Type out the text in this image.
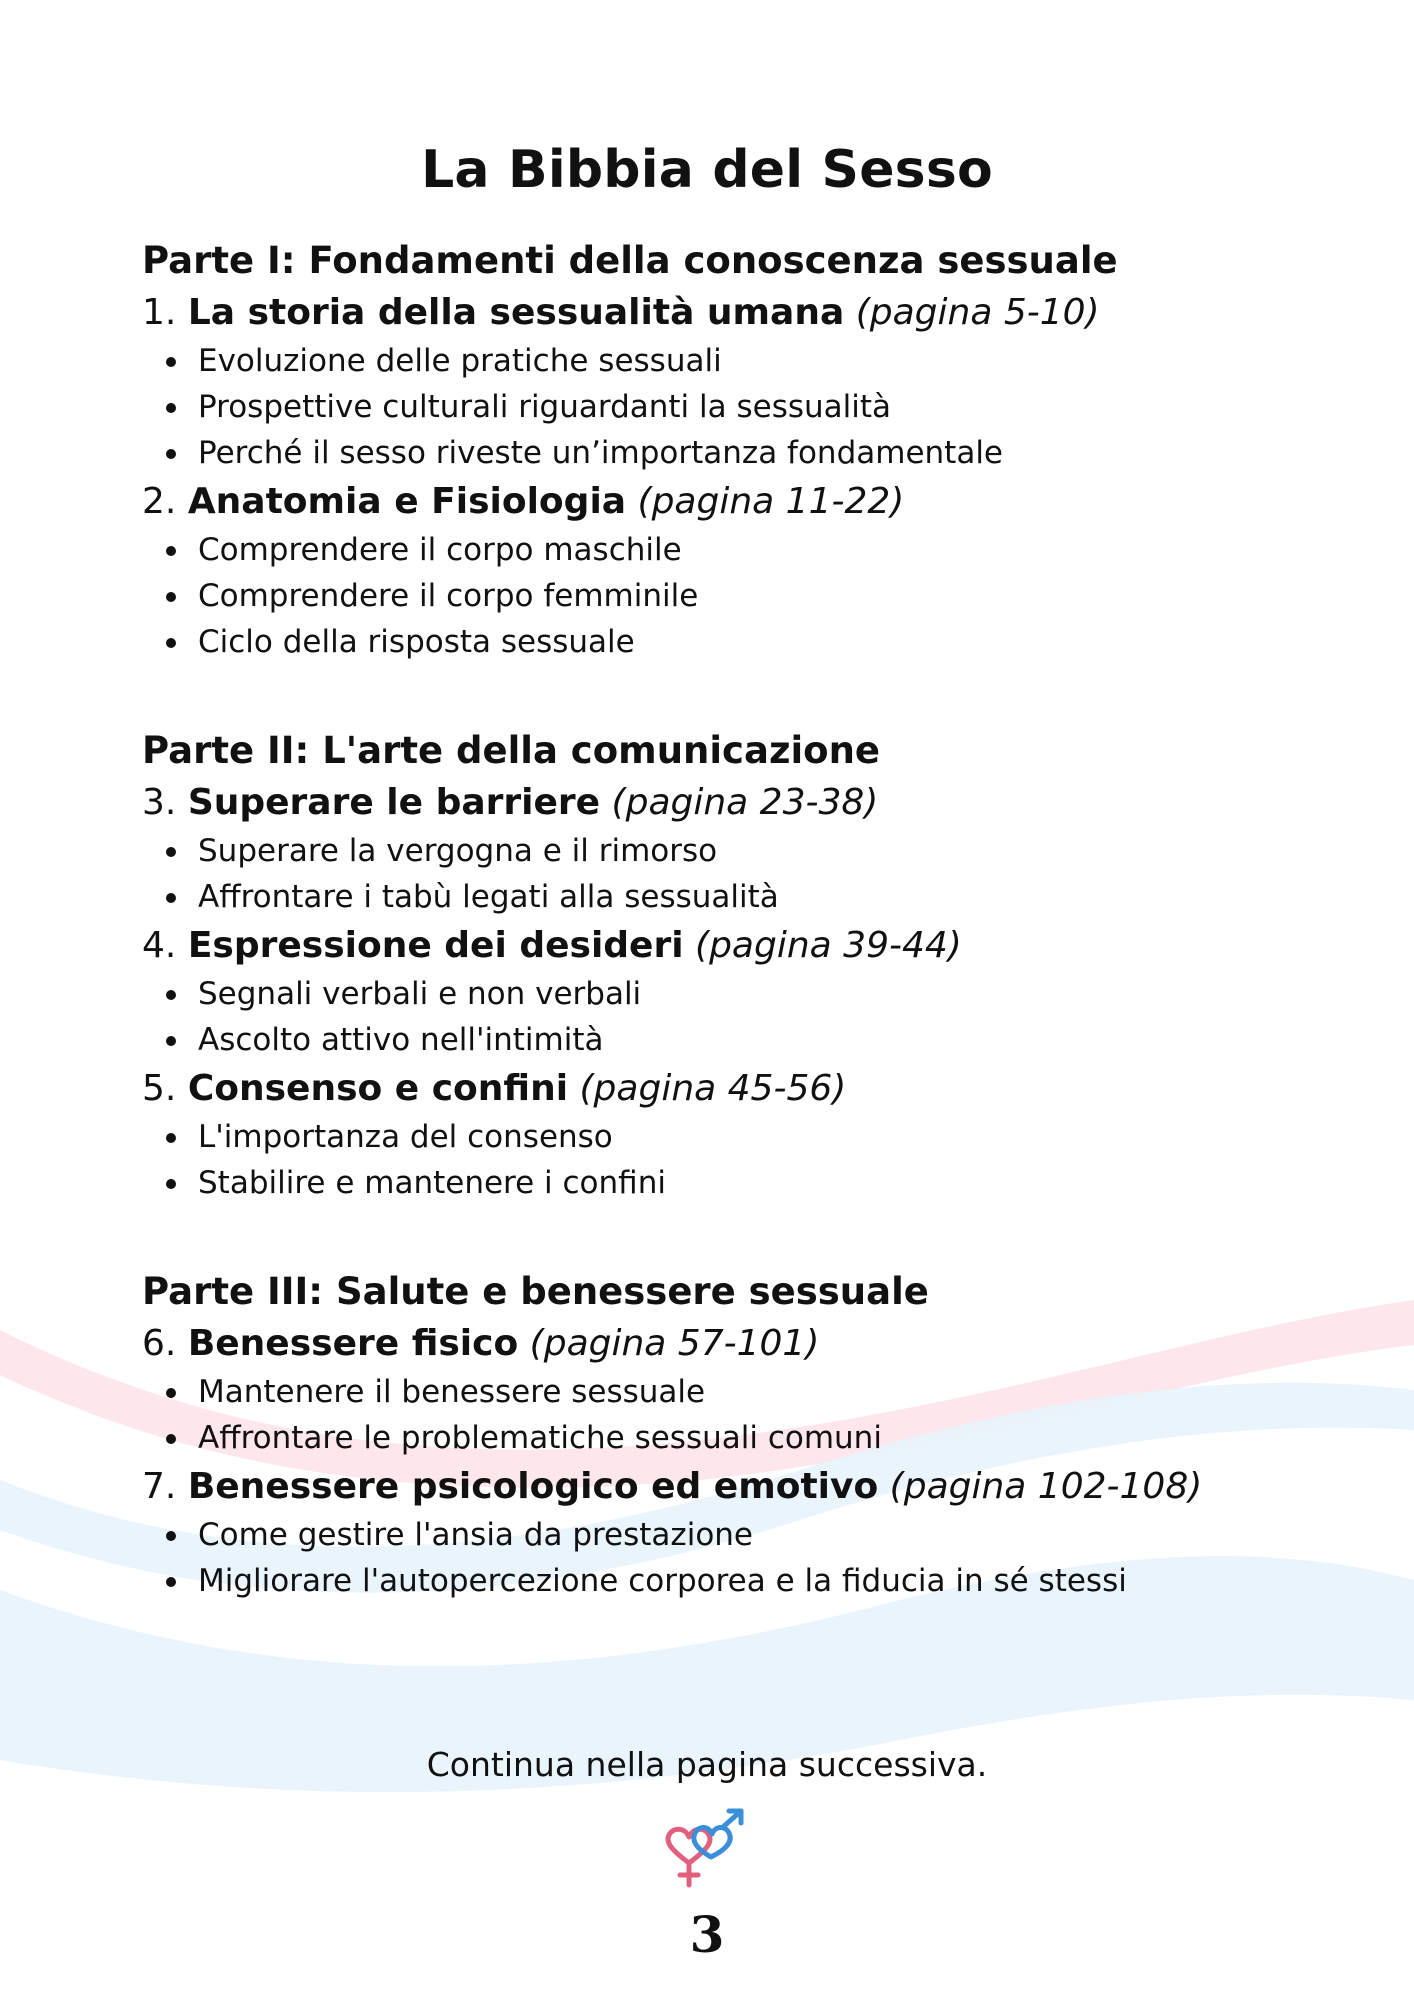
La Bibbia del Sesso

Parte I: Fondamenti della conoscenza sessuale

1. La storia della sessualità umana (pagina 5-10)

Evoluzione delle pratiche sessuali
Prospettive culturali riguardanti la sessualità
Perché il sesso riveste un’importanza fondamentale

2. Anatomia e Fisiologia (pagina 11-22)

Comprendere il corpo maschile
Comprendere il corpo femminile
Ciclo della risposta sessuale

Parte II: L'arte della comunicazione

3. Superare le barriere (pagina 23-38)

Superare la vergogna e il rimorso
Affrontare i tabù legati alla sessualità

4. Espressione dei desideri (pagina 39-44)

Segnali verbali e non verbali
Ascolto attivo nell'intimità

5. Consenso e confini (pagina 45-56)

L'importanza del consenso
Stabilire e mantenere i confini

Parte III: Salute e benessere sessuale

6. Benessere fisico (pagina 57-101)

Mantenere il benessere sessuale
Affrontare le problematiche sessuali comuni

7. Benessere psicologico ed emotivo (pagina 102-108)

Come gestire l'ansia da prestazione
Migliorare l'autopercezione corporea e la fiducia in sé stessi
Continua nella pagina successiva.
3
